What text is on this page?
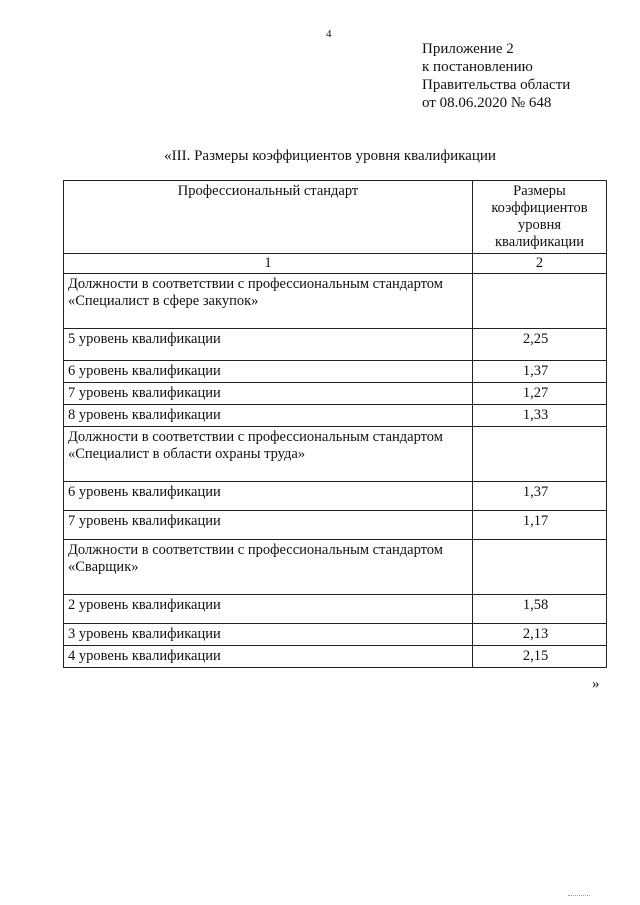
4
Приложение 2
к постановлению
Правительства области
от 08.06.2020 № 648
«III. Размеры коэффициентов уровня квалификации
Профессиональный стандарт	Размеры
коэффициентов
уровня
квалификации

1	2
Должности в соответствии с профессиональным стандартом «Специалист в сфере закупок»	
5 уровень квалификации	2,25
6 уровень квалификации	1,37
7 уровень квалификации	1,27
8 уровень квалификации	1,33
Должности в соответствии с профессиональным стандартом «Специалист в области охраны труда»	
6 уровень квалификации	1,37
7 уровень квалификации	1,17
Должности в соответствии с профессиональным стандартом «Сварщик»	
2 уровень квалификации	1,58
3 уровень квалификации	2,13
4 уровень квалификации	2,15
»
